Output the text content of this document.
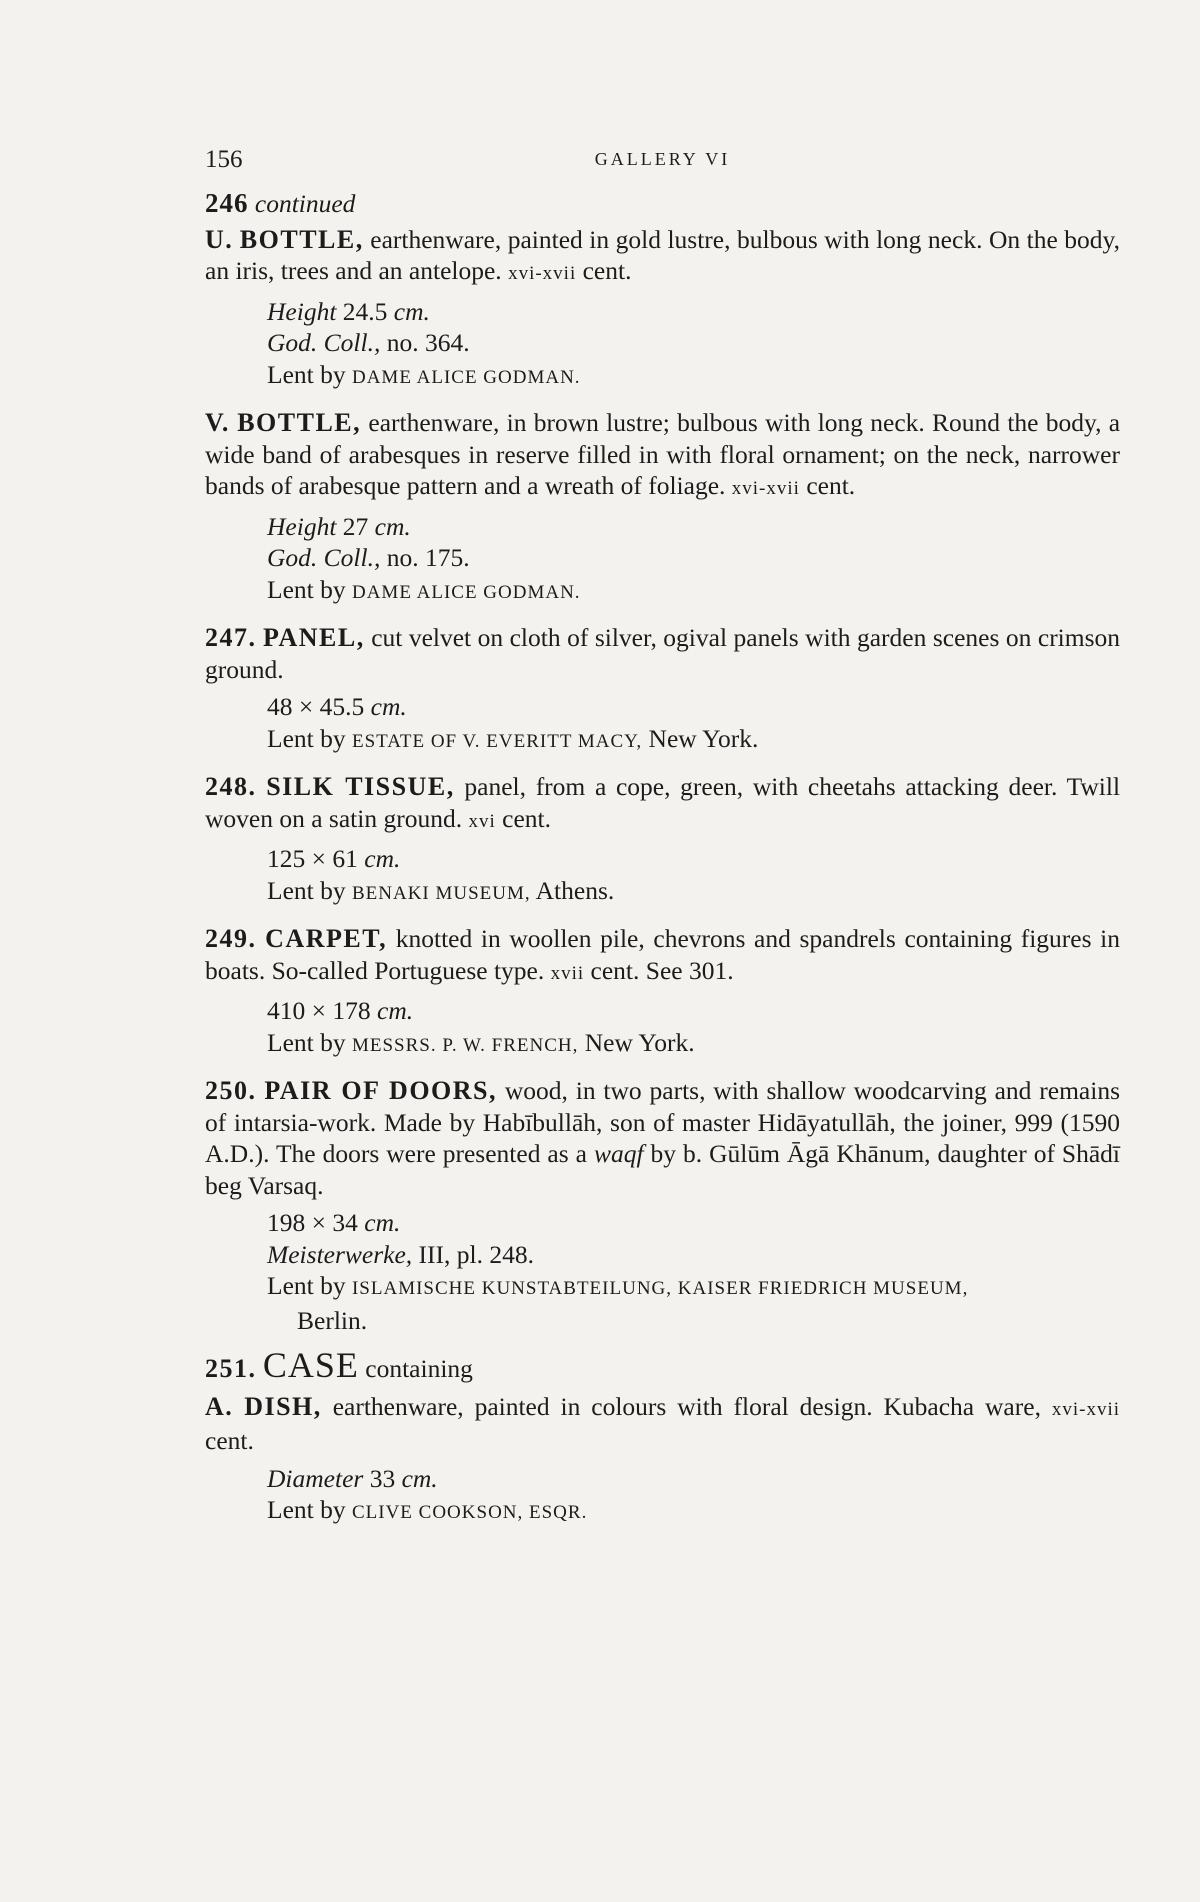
156	GALLERY VI
246 continued

U. BOTTLE, earthenware, painted in gold lustre, bulbous with long neck. On the body, an iris, trees and an antelope. xvi-xvii cent.

Height 24.5 cm.
God. Coll., no. 364.
Lent by DAME ALICE GODMAN.

V. BOTTLE, earthenware, in brown lustre; bulbous with long neck. Round the body, a wide band of arabesques in reserve filled in with floral ornament; on the neck, narrower bands of arabesque pattern and a wreath of foliage. xvi-xvii cent.

Height 27 cm.
God. Coll., no. 175.
Lent by DAME ALICE GODMAN.

247. PANEL, cut velvet on cloth of silver, ogival panels with garden scenes on crimson ground.

48 × 45.5 cm.
Lent by ESTATE OF V. EVERITT MACY, New York.

248. SILK TISSUE, panel, from a cope, green, with cheetahs attacking deer. Twill woven on a satin ground. xvi cent.

125 × 61 cm.
Lent by BENAKI MUSEUM, Athens.

249. CARPET, knotted in woollen pile, chevrons and spandrels containing figures in boats. So-called Portuguese type. xvii cent. See 301.

410 × 178 cm.
Lent by MESSRS. P. W. FRENCH, New York.

250. PAIR OF DOORS, wood, in two parts, with shallow woodcarving and remains of intarsia-work. Made by Habībullāh, son of master Hidāyatullāh, the joiner, 999 (1590 A.D.). The doors were presented as a waqf by b. Gūlūm Āgā Khānum, daughter of Shādī beg Varsaq.

198 × 34 cm.
Meisterwerke, III, pl. 248.
Lent by ISLAMISCHE KUNSTABTEILUNG, KAISER FRIEDRICH MUSEUM,
Berlin.
251. CASE containing

A. DISH, earthenware, painted in colours with floral design. Kubacha ware, xvi-xvii cent.

Diameter 33 cm.
Lent by CLIVE COOKSON, ESQR.
